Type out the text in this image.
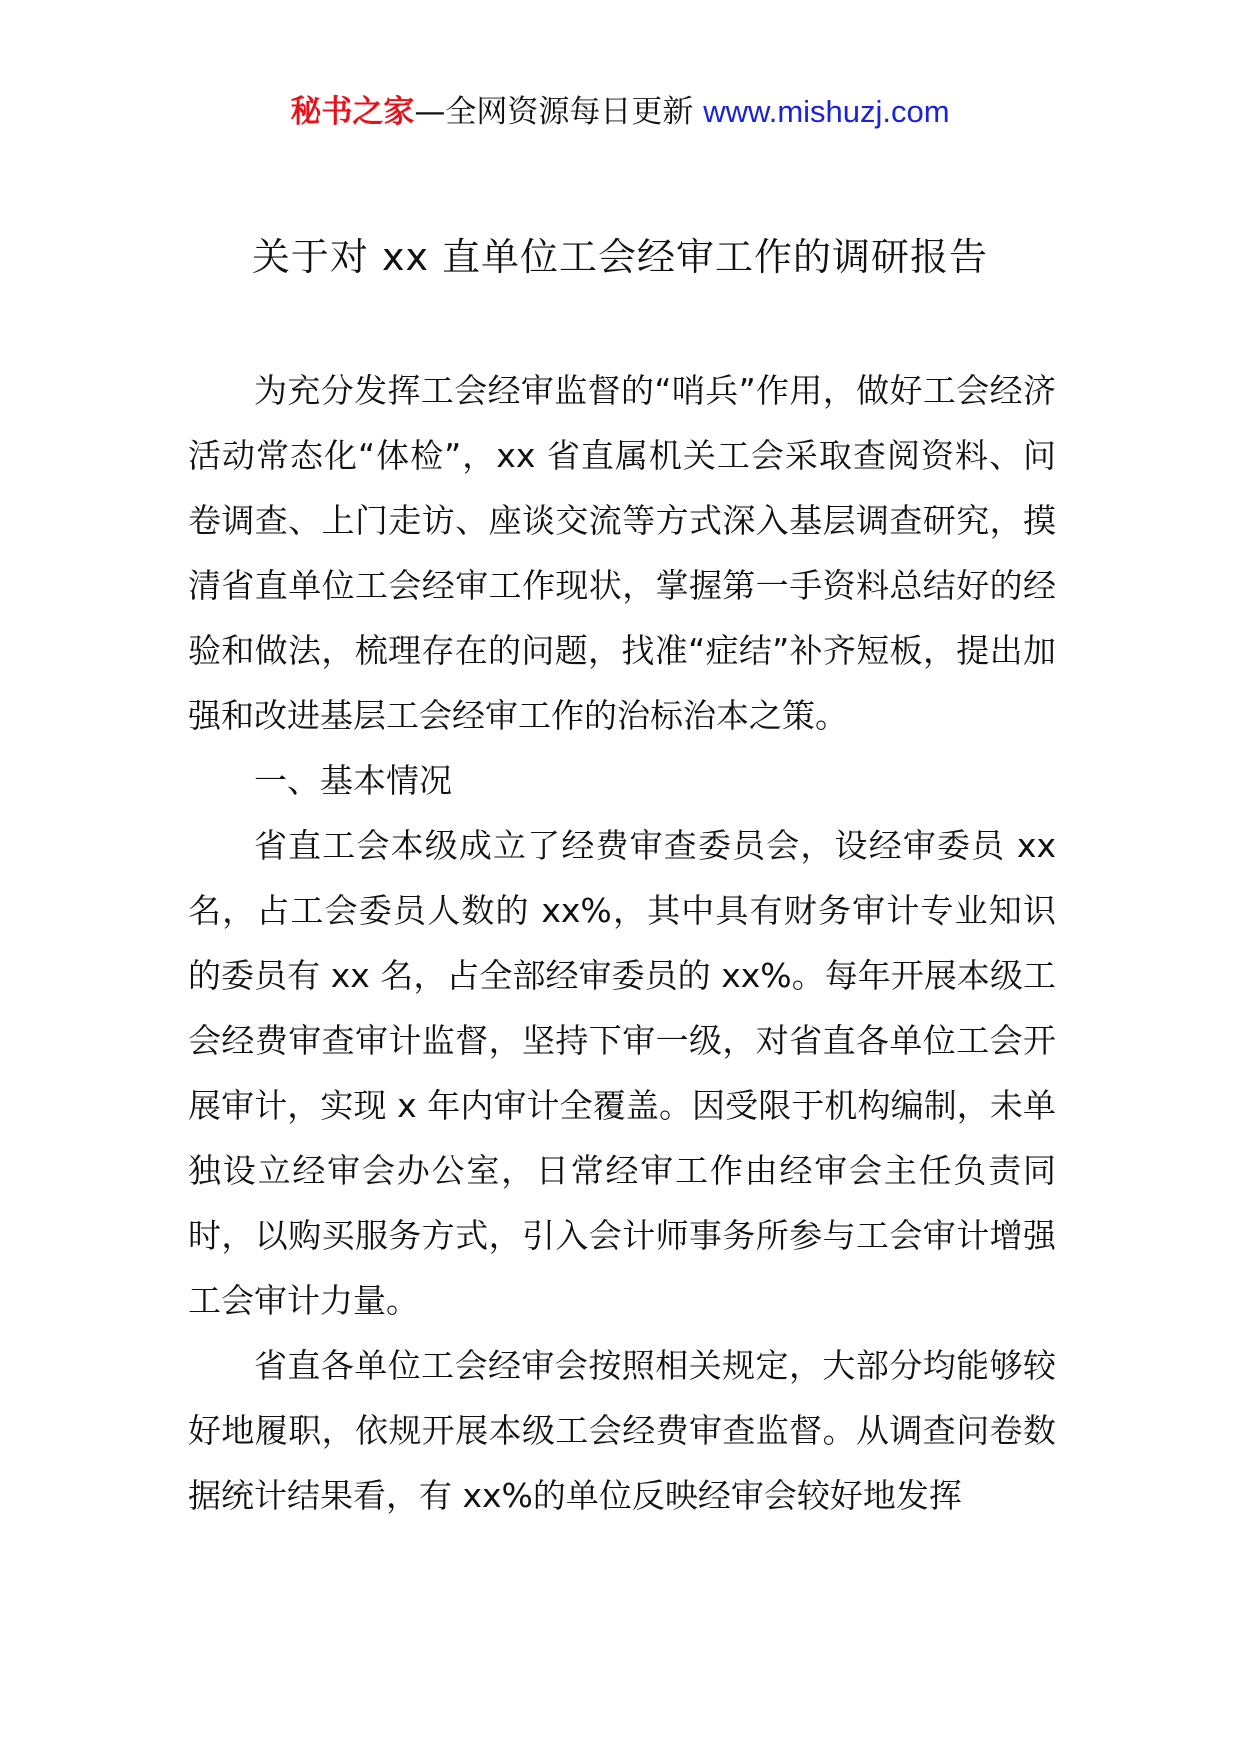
秘书之家—全网资源每日更新 www.mishuzj.com
关于对 xx 直单位工会经审工作的调研报告

为充分发挥工会经审监督的“哨兵”作用，做好工会经济活动常态化“体检”，xx 省直属机关工会采取查阅资料、问卷调查、上门走访、座谈交流等方式深入基层调查研究，摸清省直单位工会经审工作现状，掌握第一手资料总结好的经验和做法，梳理存在的问题，找准“症结”补齐短板，提出加强和改进基层工会经审工作的治标治本之策。

一、基本情况

省直工会本级成立了经费审查委员会，设经审委员 xx 名，占工会委员人数的 xx%，其中具有财务审计专业知识的委员有 xx 名，占全部经审委员的 xx%。每年开展本级工会经费审查审计监督，坚持下审一级，对省直各单位工会开展审计，实现 x 年内审计全覆盖。因受限于机构编制，未单独设立经审会办公室，日常经审工作由经审会主任负责同时，以购买服务方式，引入会计师事务所参与工会审计增强工会审计力量。

省直各单位工会经审会按照相关规定，大部分均能够较好地履职，依规开展本级工会经费审查监督。从调查问卷数据统计结果看，有 xx%的单位反映经审会较好地发挥
